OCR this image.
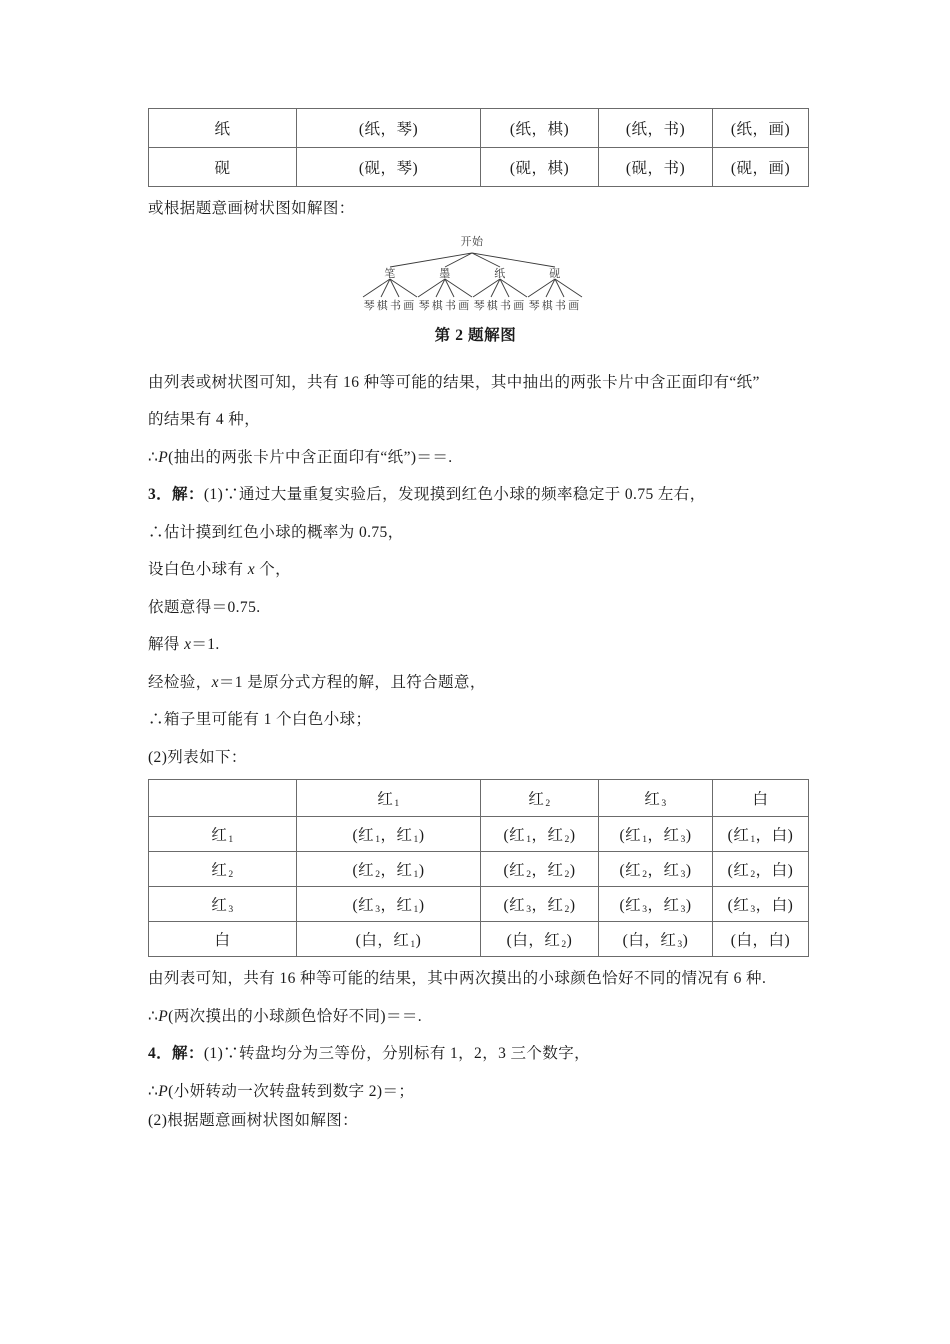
纸	(纸，琴)	(纸，棋)	(纸，书)	(纸，画)
砚	(砚，琴)	(砚，棋)	(砚，书)	(砚，画)

或根据题意画树状图如解图：

开始
笔	墨	纸	砚
琴棋书画 琴棋书画 琴棋书画 琴棋书画

第 2 题解图

由列表或树状图可知，共有 16 种等可能的结果，其中抽出的两张卡片中含正面印有“纸”

的结果有 4 种，

∴P(抽出的两张卡片中含正面印有“纸”)＝＝.

3．解：(1)∵通过大量重复实验后，发现摸到红色小球的频率稳定于 0.75 左右，

∴估计摸到红色小球的概率为 0.75，

设白色小球有 x 个，

依题意得＝0.75.

解得 x＝1.

经检验，x＝1 是原分式方程的解，且符合题意，

∴箱子里可能有 1 个白色小球；

(2)列表如下：

	红$_1$	红$_2$	红$_3$	白
红$_1$	(红$_1$，红$_1$)	(红$_1$，红$_2$)	(红$_1$，红$_3$)	(红$_1$，白)
红$_2$	(红$_2$，红$_1$)	(红$_2$，红$_2$)	(红$_2$，红$_3$)	(红$_2$，白)
红$_3$	(红$_3$，红$_1$)	(红$_3$，红$_2$)	(红$_3$，红$_3$)	(红$_3$，白)
白	(白，红$_1$)	(白，红$_2$)	(白，红$_3$)	(白，白)

由列表可知，共有 16 种等可能的结果，其中两次摸出的小球颜色恰好不同的情况有 6 种.

∴P(两次摸出的小球颜色恰好不同)＝＝.

4．解：(1)∵转盘均分为三等份，分别标有 1，2，3 三个数字，

∴P(小妍转动一次转盘转到数字 2)＝；

(2)根据题意画树状图如解图：
